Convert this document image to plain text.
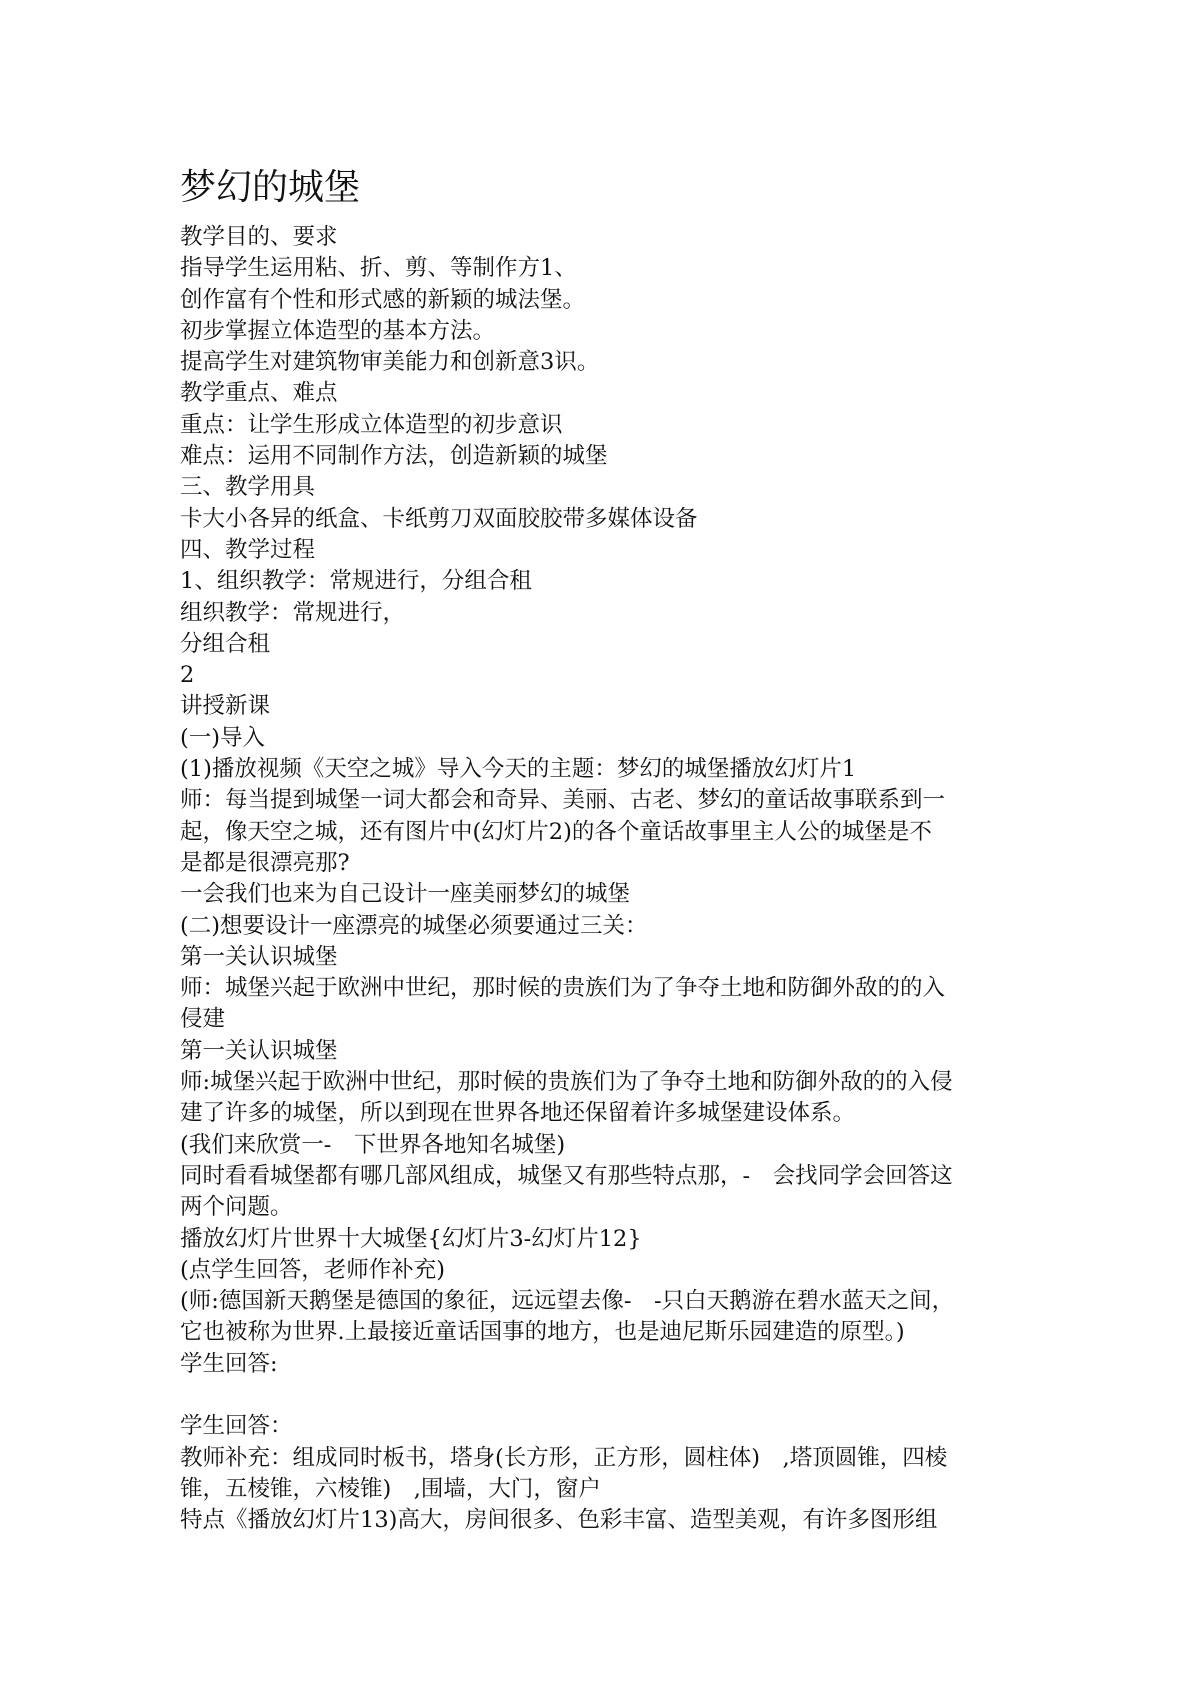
梦幻的城堡
教学目的、要求
指导学生运用粘、折、剪、等制作方1、
创作富有个性和形式感的新颖的城法堡。
初步掌握立体造型的基本方法。
提高学生对建筑物审美能力和创新意3识。
教学重点、难点
重点：让学生形成立体造型的初步意识
难点：运用不同制作方法，创造新颖的城堡
三、教学用具
卡大小各异的纸盒、卡纸剪刀双面胶胶带多媒体设备
四、教学过程
1、组织教学：常规进行，分组合租
组织教学：常规进行，
分组合租
2
讲授新课
(一)导入
(1)播放视频《天空之城》导入今天的主题：梦幻的城堡播放幻灯片1
师：每当提到城堡一词大都会和奇异、美丽、古老、梦幻的童话故事联系到一
起，像天空之城，还有图片中(幻灯片2)的各个童话故事里主人公的城堡是不
是都是很漂亮那?
一会我们也来为自己设计一座美丽梦幻的城堡
(二)想要设计一座漂亮的城堡必须要通过三关：
第一关认识城堡
师：城堡兴起于欧洲中世纪，那时候的贵族们为了争夺土地和防御外敌的的入
侵建
第一关认识城堡
师:城堡兴起于欧洲中世纪，那时候的贵族们为了争夺土地和防御外敌的的入侵
建了许多的城堡，所以到现在世界各地还保留着许多城堡建设体系。
(我们来欣赏一-　下世界各地知名城堡)
同时看看城堡都有哪几部风组成，城堡又有那些特点那，-　会找同学会回答这
两个问题。
播放幻灯片世界十大城堡{幻灯片3-幻灯片12}
(点学生回答，老师作补充)
(师:德国新天鹅堡是德国的象征，远远望去像-　-只白天鹅游在碧水蓝天之间，
它也被称为世界.上最接近童话国事的地方，也是迪尼斯乐园建造的原型。)
学生回答:
学生回答：
教师补充：组成同时板书，塔身(长方形，正方形，圆柱体)　,塔顶圆锥，四棱
锥，五棱锥，六棱锥)　,围墙，大门，窗户
特点《播放幻灯片13)高大，房间很多、色彩丰富、造型美观，有许多图形组
